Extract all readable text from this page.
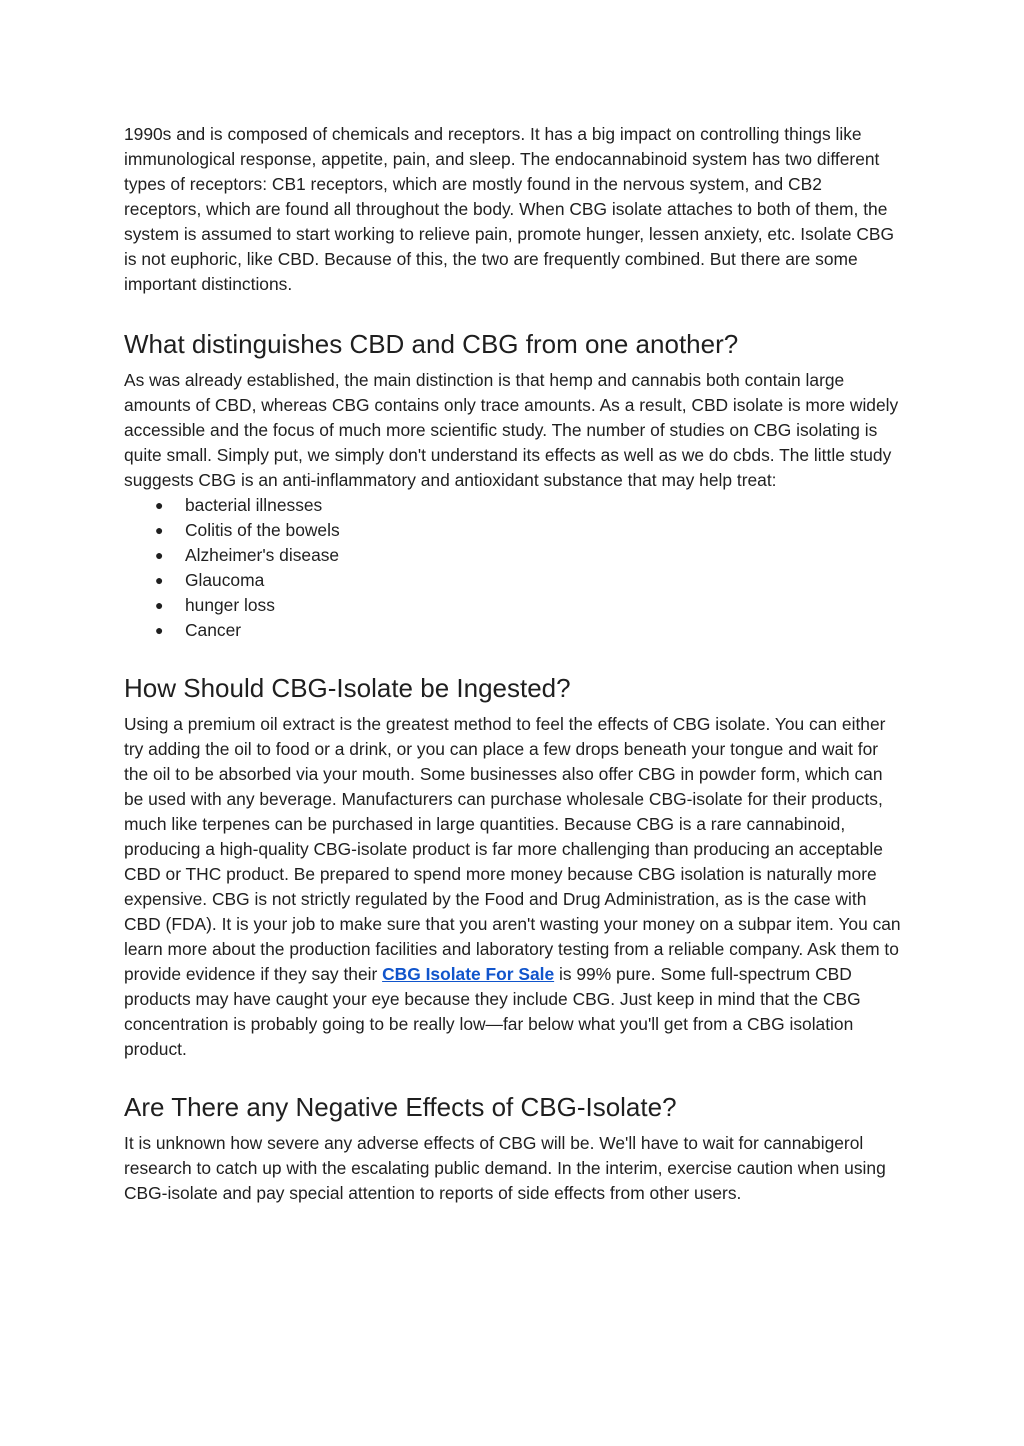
1990s and is composed of chemicals and receptors. It has a big impact on controlling things like immunological response, appetite, pain, and sleep. The endocannabinoid system has two different types of receptors: CB1 receptors, which are mostly found in the nervous system, and CB2 receptors, which are found all throughout the body. When CBG isolate attaches to both of them, the system is assumed to start working to relieve pain, promote hunger, lessen anxiety, etc. Isolate CBG is not euphoric, like CBD. Because of this, the two are frequently combined. But there are some important distinctions.

What distinguishes CBD and CBG from one another?

As was already established, the main distinction is that hemp and cannabis both contain large amounts of CBD, whereas CBG contains only trace amounts. As a result, CBD isolate is more widely accessible and the focus of much more scientific study. The number of studies on CBG isolating is quite small. Simply put, we simply don't understand its effects as well as we do cbds. The little study suggests CBG is an anti-inflammatory and antioxidant substance that may help treat:

● bacterial illnesses
● Colitis of the bowels
● Alzheimer's disease
● Glaucoma
● hunger loss
● Cancer
How Should CBG-Isolate be Ingested?

Using a premium oil extract is the greatest method to feel the effects of CBG isolate. You can either try adding the oil to food or a drink, or you can place a few drops beneath your tongue and wait for the oil to be absorbed via your mouth. Some businesses also offer CBG in powder form, which can be used with any beverage. Manufacturers can purchase wholesale CBG-isolate for their products, much like terpenes can be purchased in large quantities. Because CBG is a rare cannabinoid, producing a high-quality CBG-isolate product is far more challenging than producing an acceptable CBD or THC product. Be prepared to spend more money because CBG isolation is naturally more expensive. CBG is not strictly regulated by the Food and Drug Administration, as is the case with CBD (FDA). It is your job to make sure that you aren't wasting your money on a subpar item. You can learn more about the production facilities and laboratory testing from a reliable company. Ask them to provide evidence if they say their CBG Isolate For Sale is 99% pure. Some full-spectrum CBD products may have caught your eye because they include CBG. Just keep in mind that the CBG concentration is probably going to be really low—far below what you'll get from a CBG isolation product.

Are There any Negative Effects of CBG-Isolate?

It is unknown how severe any adverse effects of CBG will be. We'll have to wait for cannabigerol research to catch up with the escalating public demand. In the interim, exercise caution when using CBG-isolate and pay special attention to reports of side effects from other users.
